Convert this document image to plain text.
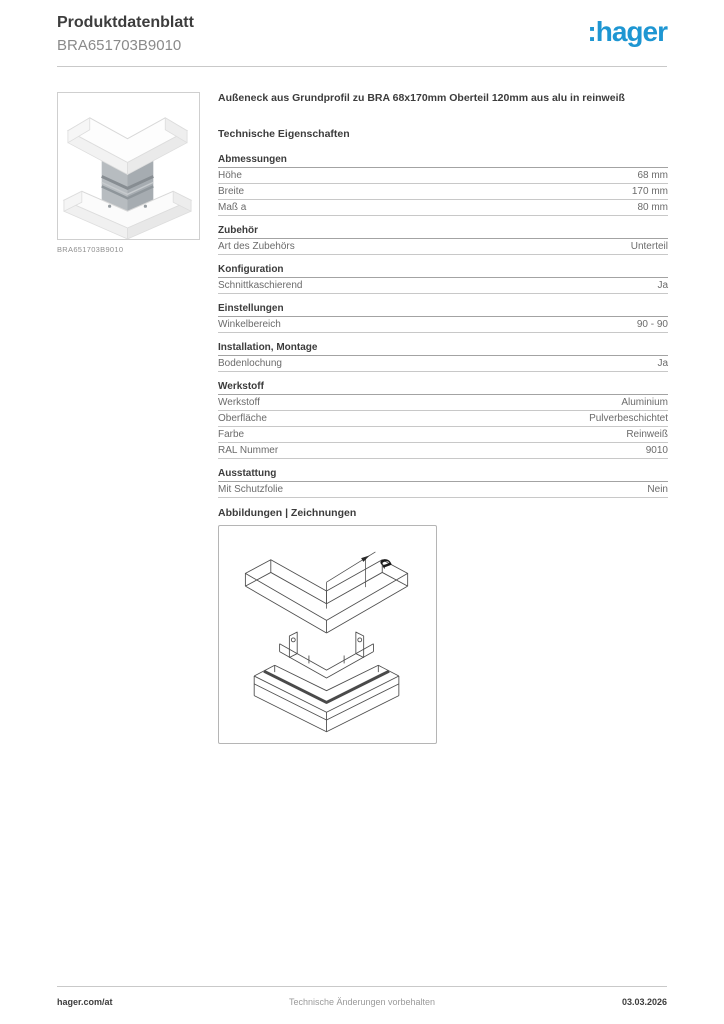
Produktdatenblatt
BRA651703B9010	:hager
BRA651703B9010
Außeneck aus Grundprofil zu BRA 68x170mm Oberteil 120mm aus alu in reinweiß
Technische Eigenschaften
Abmessungen
Höhe	68 mm
Breite	170 mm
Maß a	80 mm
Zubehör
Art des Zubehörs	Unterteil
Konfiguration
Schnittkaschierend	Ja
Einstellungen
Winkelbereich	90 - 90
Installation, Montage
Bodenlochung	Ja
Werkstoff
Werkstoff	Aluminium
Oberfläche	Pulverbeschichtet
Farbe	Reinweiß
RAL Nummer	9010
Ausstattung
Mit Schutzfolie	Nein
Abbildungen | Zeichnungen
a
hager.com/at	Technische Änderungen vorbehalten	03.03.2026
